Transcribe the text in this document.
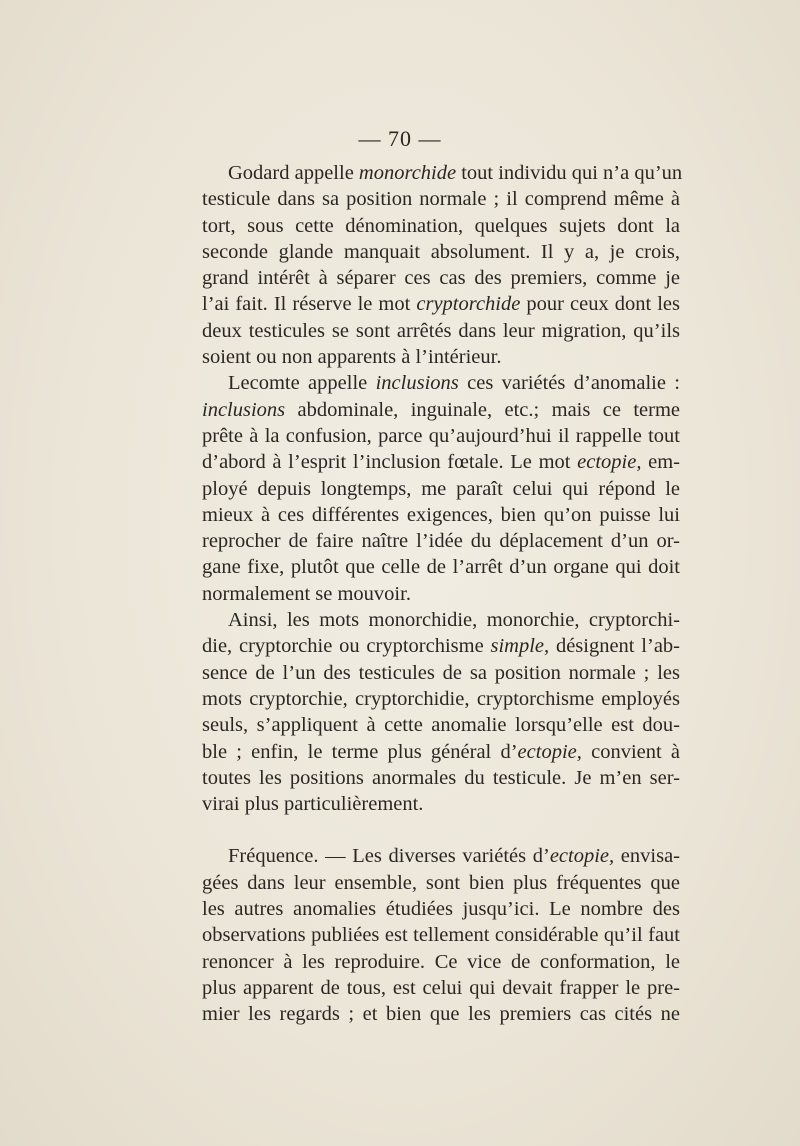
— 70 —
Godard appelle monorchide tout individu qui n’a qu’un
testicule dans sa position normale ; il comprend même à
tort, sous cette dénomination, quelques sujets dont la
seconde glande manquait absolument. Il y a, je crois,
grand intérêt à séparer ces cas des premiers, comme je
l’ai fait. Il réserve le mot cryptorchide pour ceux dont les
deux testicules se sont arrêtés dans leur migration, qu’ils
soient ou non apparents à l’intérieur.
Lecomte appelle inclusions ces variétés d’anomalie :
inclusions abdominale, inguinale, etc.; mais ce terme
prête à la confusion, parce qu’aujourd’hui il rappelle tout
d’abord à l’esprit l’inclusion fœtale. Le mot ectopie, em-
ployé depuis longtemps, me paraît celui qui répond le
mieux à ces différentes exigences, bien qu’on puisse lui
reprocher de faire naître l’idée du déplacement d’un or-
gane fixe, plutôt que celle de l’arrêt d’un organe qui doit
normalement se mouvoir.
Ainsi, les mots monorchidie, monorchie, cryptorchi-
die, cryptorchie ou cryptorchisme simple, désignent l’ab-
sence de l’un des testicules de sa position normale ; les
mots cryptorchie, cryptorchidie, cryptorchisme employés
seuls, s’appliquent à cette anomalie lorsqu’elle est dou-
ble ; enfin, le terme plus général d’ectopie, convient à
toutes les positions anormales du testicule. Je m’en ser-
virai plus particulièrement.
Fréquence. — Les diverses variétés d’ectopie, envisa-
gées dans leur ensemble, sont bien plus fréquentes que
les autres anomalies étudiées jusqu’ici. Le nombre des
observations publiées est tellement considérable qu’il faut
renoncer à les reproduire. Ce vice de conformation, le
plus apparent de tous, est celui qui devait frapper le pre-
mier les regards ; et bien que les premiers cas cités ne
